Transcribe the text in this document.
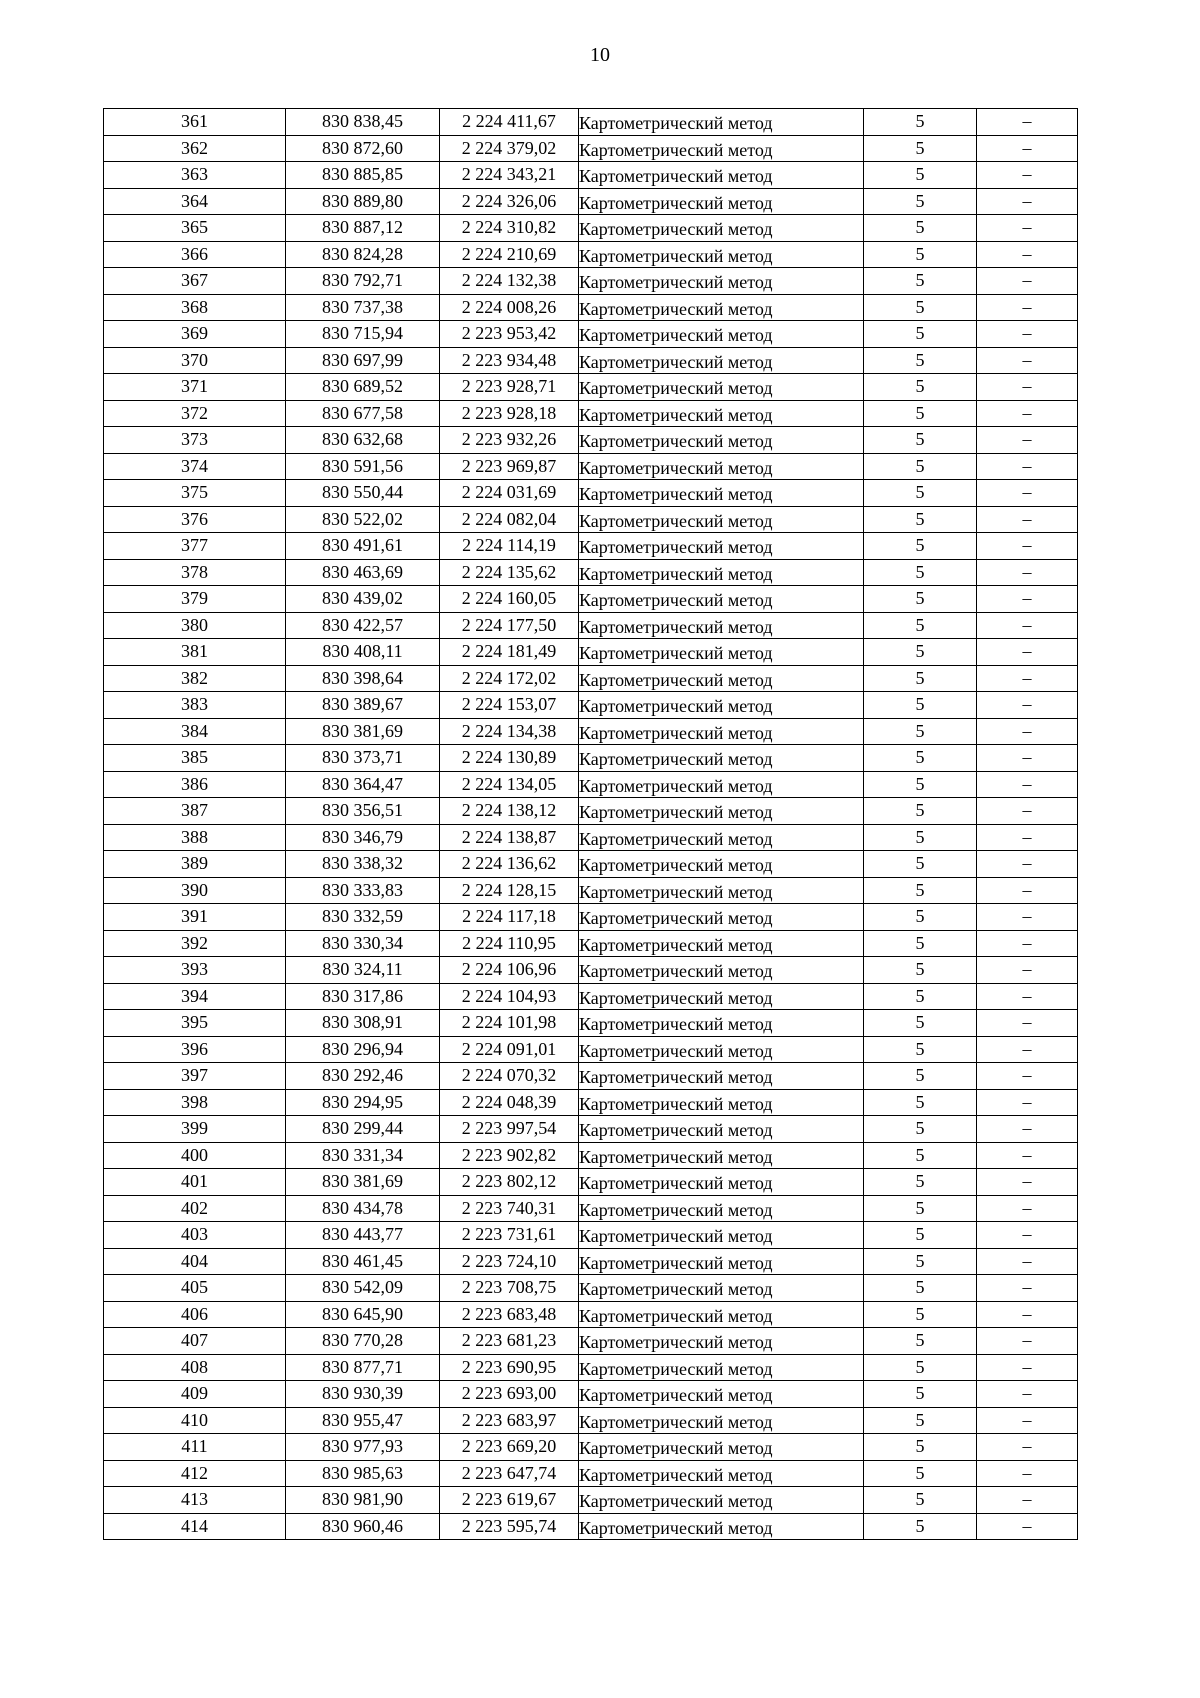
10
361	830 838,45	2 224 411,67	Картометрический метод	5	–
362	830 872,60	2 224 379,02	Картометрический метод	5	–
363	830 885,85	2 224 343,21	Картометрический метод	5	–
364	830 889,80	2 224 326,06	Картометрический метод	5	–
365	830 887,12	2 224 310,82	Картометрический метод	5	–
366	830 824,28	2 224 210,69	Картометрический метод	5	–
367	830 792,71	2 224 132,38	Картометрический метод	5	–
368	830 737,38	2 224 008,26	Картометрический метод	5	–
369	830 715,94	2 223 953,42	Картометрический метод	5	–
370	830 697,99	2 223 934,48	Картометрический метод	5	–
371	830 689,52	2 223 928,71	Картометрический метод	5	–
372	830 677,58	2 223 928,18	Картометрический метод	5	–
373	830 632,68	2 223 932,26	Картометрический метод	5	–
374	830 591,56	2 223 969,87	Картометрический метод	5	–
375	830 550,44	2 224 031,69	Картометрический метод	5	–
376	830 522,02	2 224 082,04	Картометрический метод	5	–
377	830 491,61	2 224 114,19	Картометрический метод	5	–
378	830 463,69	2 224 135,62	Картометрический метод	5	–
379	830 439,02	2 224 160,05	Картометрический метод	5	–
380	830 422,57	2 224 177,50	Картометрический метод	5	–
381	830 408,11	2 224 181,49	Картометрический метод	5	–
382	830 398,64	2 224 172,02	Картометрический метод	5	–
383	830 389,67	2 224 153,07	Картометрический метод	5	–
384	830 381,69	2 224 134,38	Картометрический метод	5	–
385	830 373,71	2 224 130,89	Картометрический метод	5	–
386	830 364,47	2 224 134,05	Картометрический метод	5	–
387	830 356,51	2 224 138,12	Картометрический метод	5	–
388	830 346,79	2 224 138,87	Картометрический метод	5	–
389	830 338,32	2 224 136,62	Картометрический метод	5	–
390	830 333,83	2 224 128,15	Картометрический метод	5	–
391	830 332,59	2 224 117,18	Картометрический метод	5	–
392	830 330,34	2 224 110,95	Картометрический метод	5	–
393	830 324,11	2 224 106,96	Картометрический метод	5	–
394	830 317,86	2 224 104,93	Картометрический метод	5	–
395	830 308,91	2 224 101,98	Картометрический метод	5	–
396	830 296,94	2 224 091,01	Картометрический метод	5	–
397	830 292,46	2 224 070,32	Картометрический метод	5	–
398	830 294,95	2 224 048,39	Картометрический метод	5	–
399	830 299,44	2 223 997,54	Картометрический метод	5	–
400	830 331,34	2 223 902,82	Картометрический метод	5	–
401	830 381,69	2 223 802,12	Картометрический метод	5	–
402	830 434,78	2 223 740,31	Картометрический метод	5	–
403	830 443,77	2 223 731,61	Картометрический метод	5	–
404	830 461,45	2 223 724,10	Картометрический метод	5	–
405	830 542,09	2 223 708,75	Картометрический метод	5	–
406	830 645,90	2 223 683,48	Картометрический метод	5	–
407	830 770,28	2 223 681,23	Картометрический метод	5	–
408	830 877,71	2 223 690,95	Картометрический метод	5	–
409	830 930,39	2 223 693,00	Картометрический метод	5	–
410	830 955,47	2 223 683,97	Картометрический метод	5	–
411	830 977,93	2 223 669,20	Картометрический метод	5	–
412	830 985,63	2 223 647,74	Картометрический метод	5	–
413	830 981,90	2 223 619,67	Картометрический метод	5	–
414	830 960,46	2 223 595,74	Картометрический метод	5	–
